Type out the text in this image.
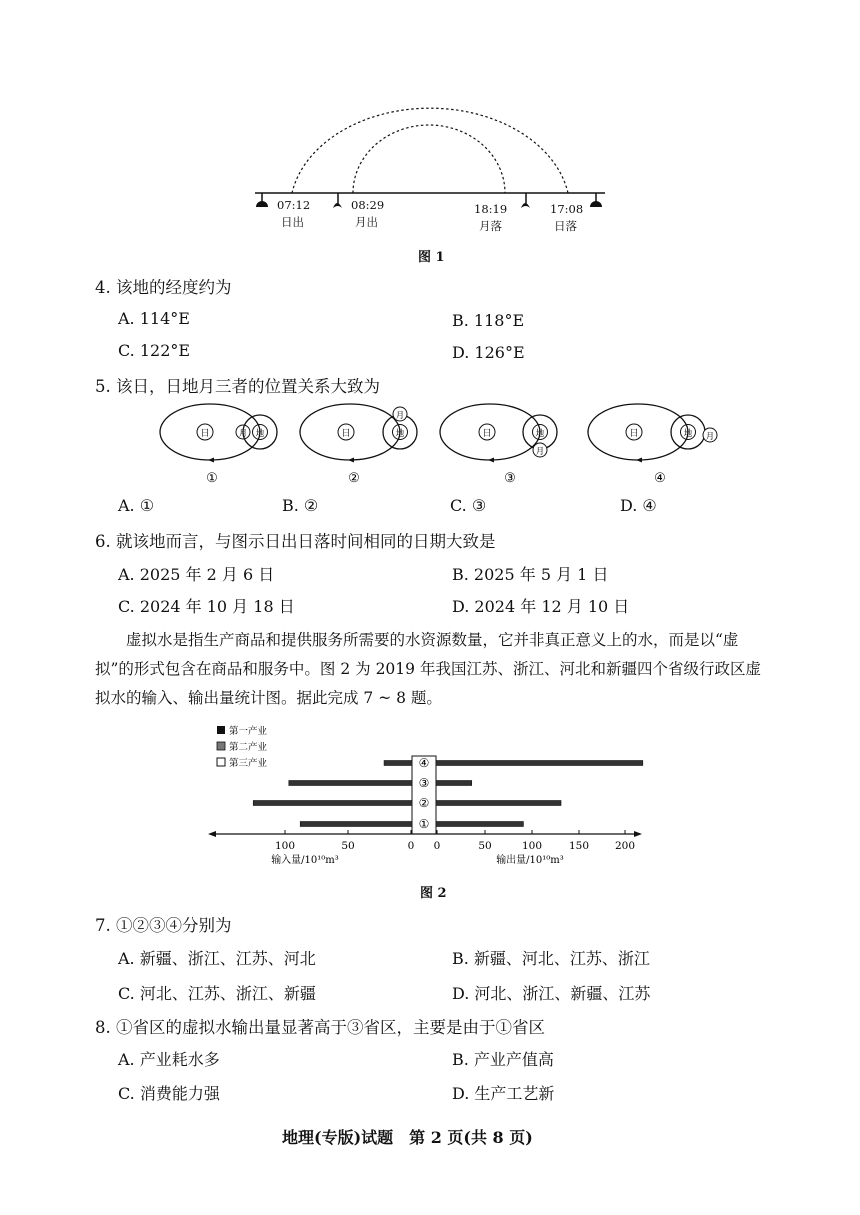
07:12
日出
08:29
月出
18:19
月落
17:08
日落
图 1
4. 该地的经度约为
A. 114°E	B. 118°E
C. 122°E	D. 126°E
5. 该日，日地月三者的位置关系大致为
日	月 地
①
日
月
地
②
日
月
地
③
日	月
地
④
A. ①	B. ②	C. ③	D. ④
6. 就该地而言，与图示日出日落时间相同的日期大致是
A. 2025 年 2 月 6 日	B. 2025 年 5 月 1 日
C. 2024 年 10 月 18 日	D. 2024 年 12 月 10 日
虚拟水是指生产商品和提供服务所需要的水资源数量，它并非真正意义上的水，而是以“虚拟”的形式包含在商品和服务中。图 2 为 2019 年我国江苏、浙江、河北和新疆四个省级行政区虚拟水的输入、输出量统计图。据此完成 7 ~ 8 题。
第一产业
第二产业
第三产业	④
③
②
①
100	50	0 0	50	100	150 200
输入量/10¹⁰m³	输出量/10¹⁰m³
图 2
7. ①②③④分别为
A. 新疆、浙江、江苏、河北	B. 新疆、河北、江苏、浙江
C. 河北、江苏、浙江、新疆	D. 河北、浙江、新疆、江苏
8. ①省区的虚拟水输出量显著高于③省区，主要是由于①省区
A. 产业耗水多	B. 产业产值高
C. 消费能力强	D. 生产工艺新
地理(专版)试题　第 2 页(共 8 页)
